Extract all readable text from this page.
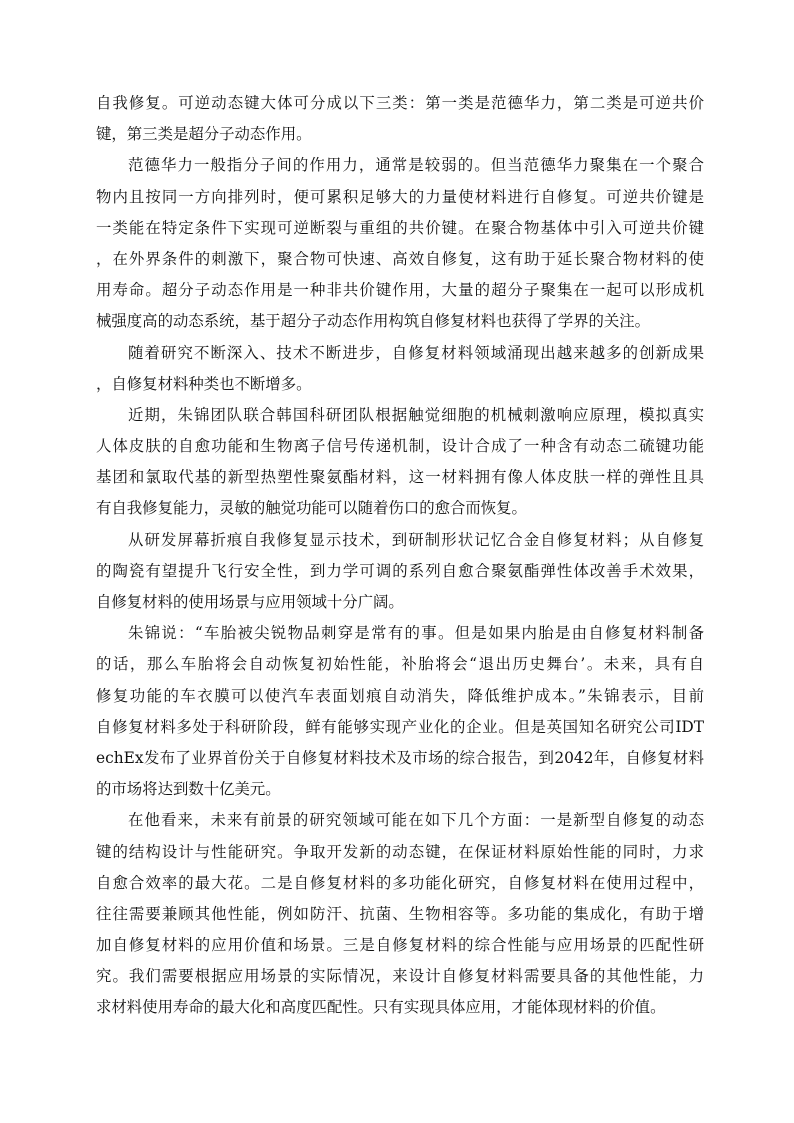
自我修复。可逆动态键大体可分成以下三类：第一类是范德华力，第二类是可逆共价
键，第三类是超分子动态作用。
范德华力一般指分子间的作用力，通常是较弱的。但当范德华力聚集在一个聚合
物内且按同一方向排列时，便可累积足够大的力量使材料进行自修复。可逆共价键是
一类能在特定条件下实现可逆断裂与重组的共价键。在聚合物基体中引入可逆共价键
，在外界条件的刺激下，聚合物可快速、高效自修复，这有助于延长聚合物材料的使
用寿命。超分子动态作用是一种非共价键作用，大量的超分子聚集在一起可以形成机
械强度高的动态系统，基于超分子动态作用构筑自修复材料也获得了学界的关注。
随着研究不断深入、技术不断进步，自修复材料领域涌现出越来越多的创新成果
，自修复材料种类也不断增多。
近期，朱锦团队联合韩国科研团队根据触觉细胞的机械刺激响应原理，模拟真实
人体皮肤的自愈功能和生物离子信号传递机制，设计合成了一种含有动态二硫键功能
基团和氯取代基的新型热塑性聚氨酯材料，这一材料拥有像人体皮肤一样的弹性且具
有自我修复能力，灵敏的触觉功能可以随着伤口的愈合而恢复。
从研发屏幕折痕自我修复显示技术，到研制形状记忆合金自修复材料；从自修复
的陶瓷有望提升飞行安全性，到力学可调的系列自愈合聚氨酯弹性体改善手术效果，
自修复材料的使用场景与应用领域十分广阔。
朱锦说：“车胎被尖锐物品刺穿是常有的事。但是如果内胎是由自修复材料制备
的话，那么车胎将会自动恢复初始性能，补胎将会“退出历史舞台’。未来，具有自
修复功能的车衣膜可以使汽车表面划痕自动消失，降低维护成本。”朱锦表示，目前
自修复材料多处于科研阶段，鲜有能够实现产业化的企业。但是英国知名研究公司IDT
echEx发布了业界首份关于自修复材料技术及市场的综合报告，到2042年，自修复材料
的市场将达到数十亿美元。
在他看来，未来有前景的研究领域可能在如下几个方面：一是新型自修复的动态
键的结构设计与性能研究。争取开发新的动态键，在保证材料原始性能的同时，力求
自愈合效率的最大花。二是自修复材料的多功能化研究，自修复材料在使用过程中，
往往需要兼顾其他性能，例如防汗、抗菌、生物相容等。多功能的集成化，有助于增
加自修复材料的应用价值和场景。三是自修复材料的综合性能与应用场景的匹配性研
究。我们需要根据应用场景的实际情况，来设计自修复材料需要具备的其他性能，力
求材料使用寿命的最大化和高度匹配性。只有实现具体应用，才能体现材料的价值。
